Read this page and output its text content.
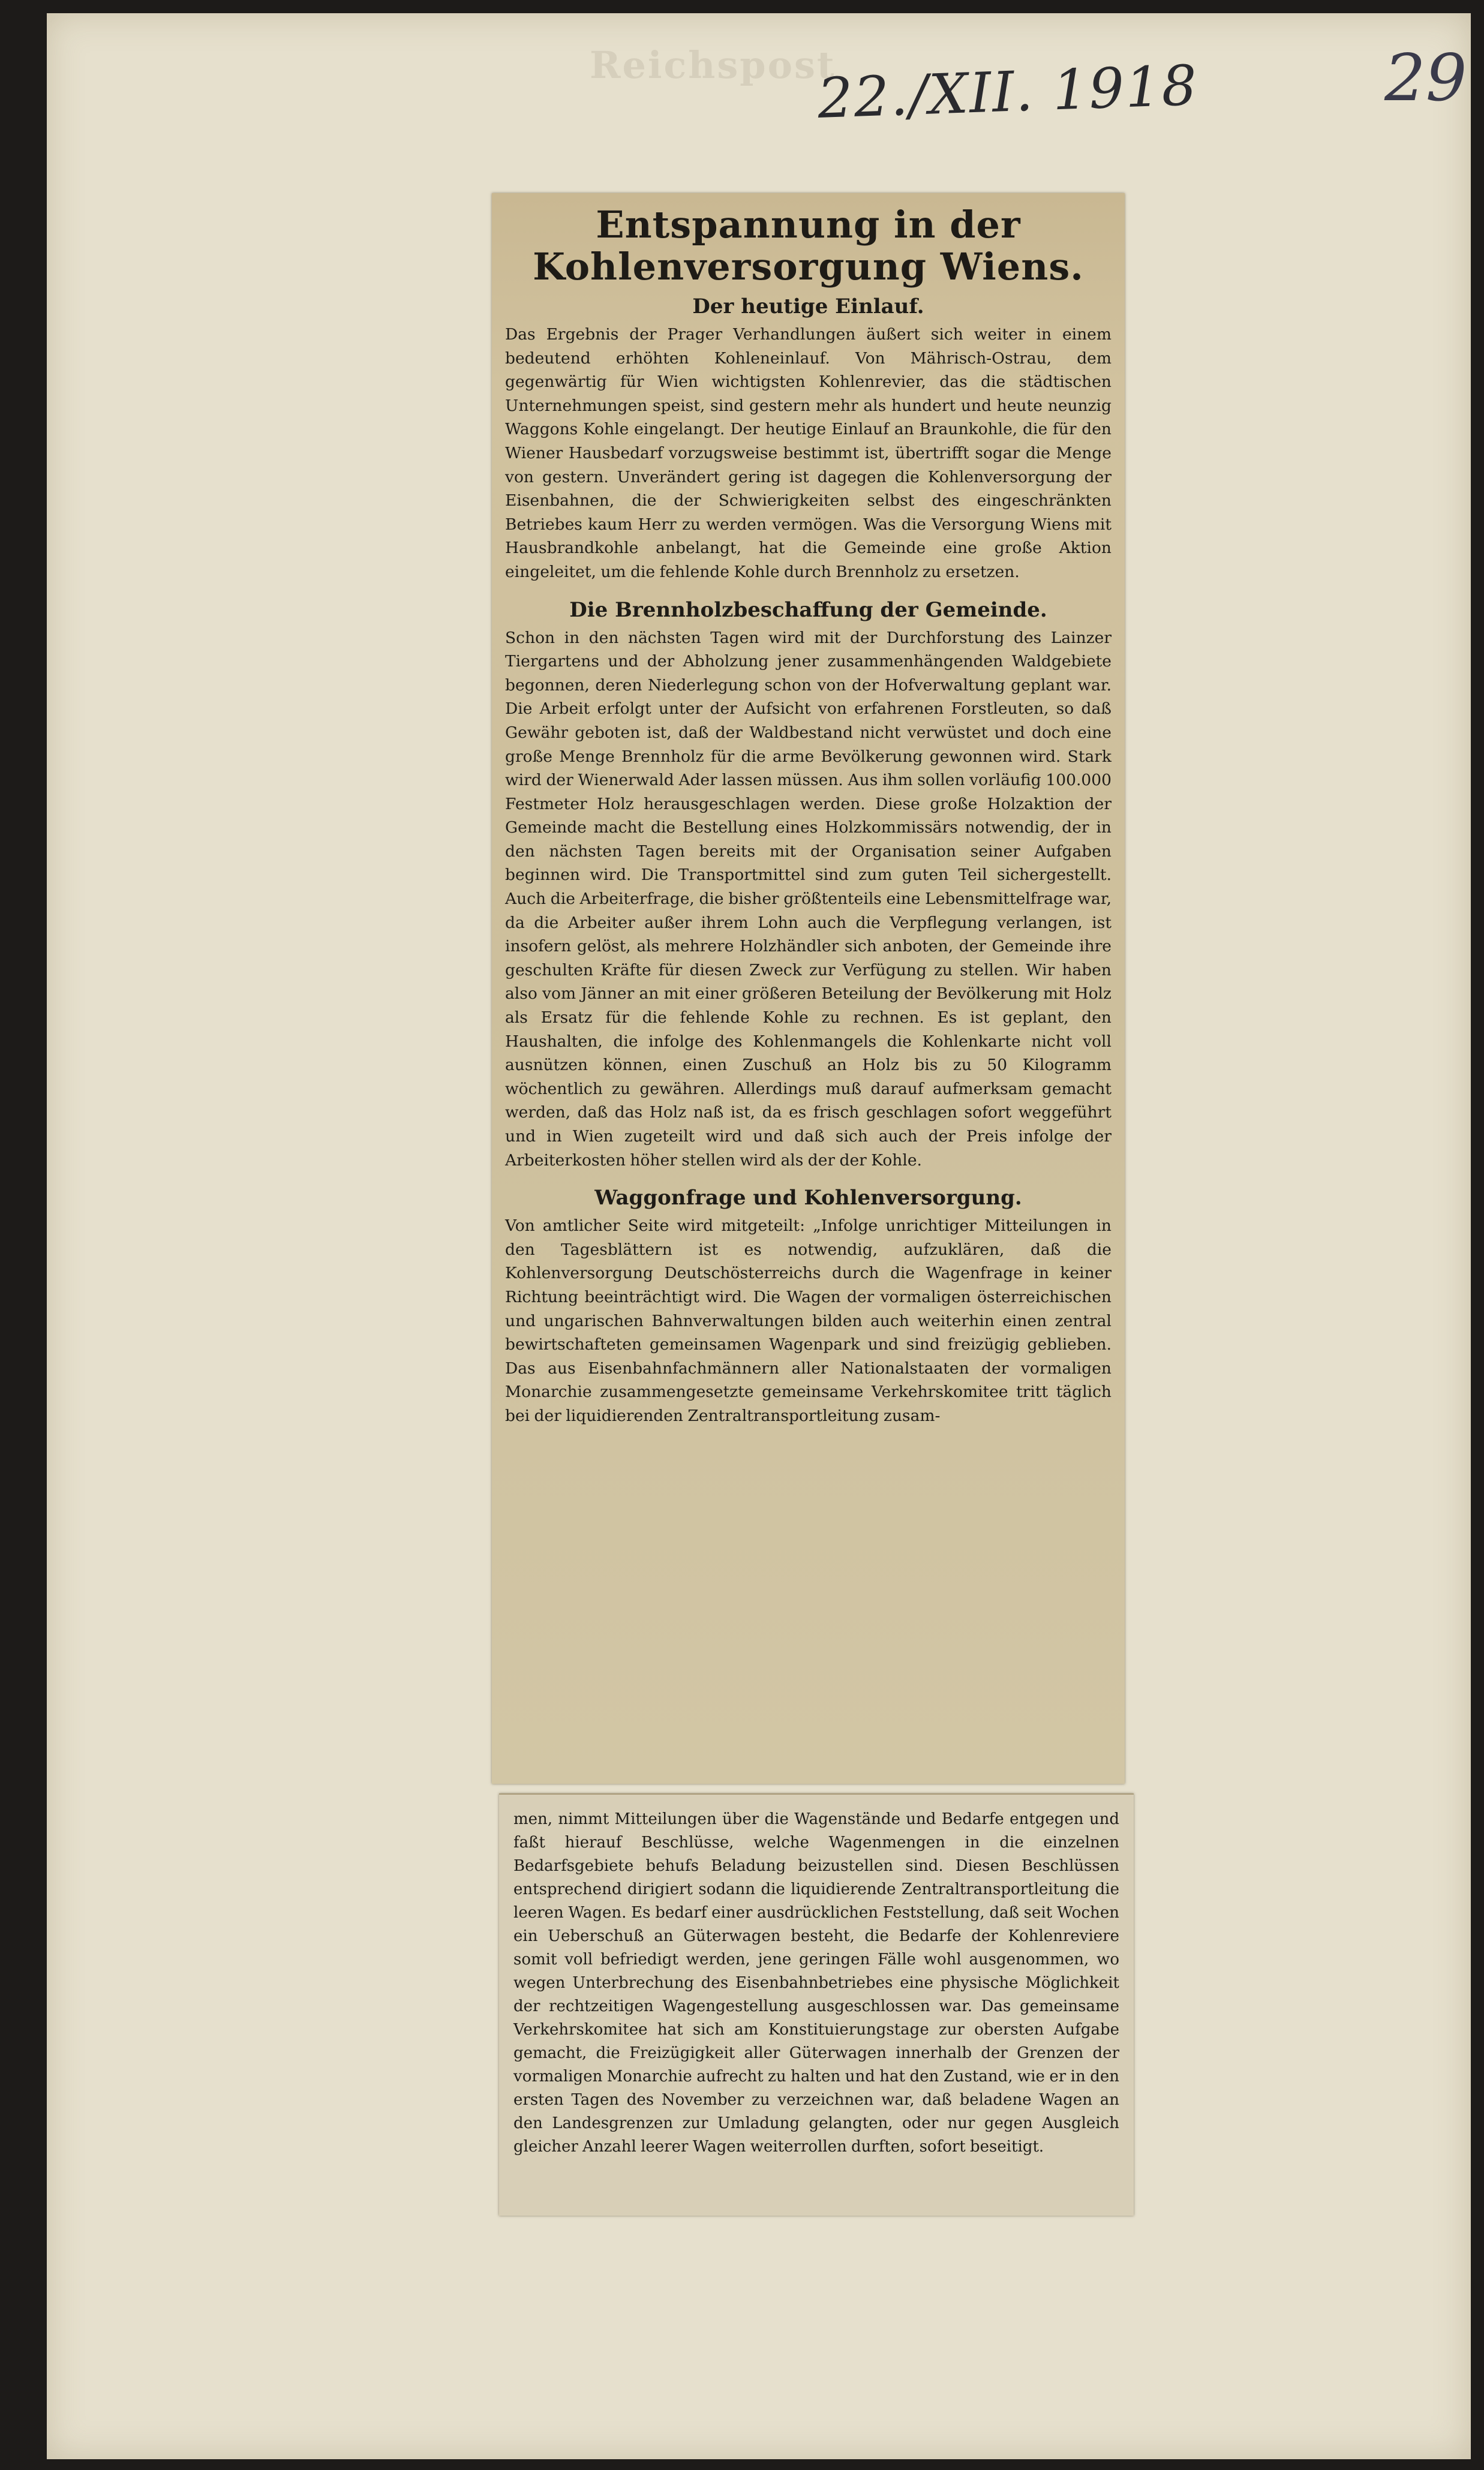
Reichspost
22./XII. 1918	29
Entspannung in der Kohlenversorgung Wiens.
Der heutige Einlauf.
Das Ergebnis der Prager Verhandlungen äußert sich weiter in einem bedeutend erhöhten Kohleneinlauf. Von Mährisch-Ostrau, dem gegenwärtig für Wien wichtigsten Kohlenrevier, das die städtischen Unternehmungen speist, sind gestern mehr als hundert und heute neunzig Waggons Kohle eingelangt. Der heutige Einlauf an Braunkohle, die für den Wiener Hausbedarf vorzugsweise bestimmt ist, übertrifft sogar die Menge von gestern. Unverändert gering ist dagegen die Kohlenversorgung der Eisenbahnen, die der Schwierigkeiten selbst des eingeschränkten Betriebes kaum Herr zu werden vermögen. Was die Versorgung Wiens mit Hausbrandkohle anbelangt, hat die Gemeinde eine große Aktion eingeleitet, um die fehlende Kohle durch Brennholz zu ersetzen.
Die Brennholzbeschaffung der Gemeinde.
Schon in den nächsten Tagen wird mit der Durchforstung des Lainzer Tiergartens und der Abholzung jener zusammenhängenden Waldgebiete begonnen, deren Niederlegung schon von der Hofverwaltung geplant war. Die Arbeit erfolgt unter der Aufsicht von erfahrenen Forstleuten, so daß Gewähr geboten ist, daß der Waldbestand nicht verwüstet und doch eine große Menge Brennholz für die arme Bevölkerung gewonnen wird. Stark wird der Wienerwald Ader lassen müssen. Aus ihm sollen vorläufig 100.000 Festmeter Holz herausgeschlagen werden. Diese große Holzaktion der Gemeinde macht die Bestellung eines Holzkommissärs notwendig, der in den nächsten Tagen bereits mit der Organisation seiner Aufgaben beginnen wird. Die Transportmittel sind zum guten Teil sichergestellt. Auch die Arbeiterfrage, die bisher größtenteils eine Lebensmittelfrage war, da die Arbeiter außer ihrem Lohn auch die Verpflegung verlangen, ist insofern gelöst, als mehrere Holzhändler sich anboten, der Gemeinde ihre geschulten Kräfte für diesen Zweck zur Verfügung zu stellen. Wir haben also vom Jänner an mit einer größeren Beteilung der Bevölkerung mit Holz als Ersatz für die fehlende Kohle zu rechnen. Es ist geplant, den Haushalten, die infolge des Kohlenmangels die Kohlenkarte nicht voll ausnützen können, einen Zuschuß an Holz bis zu 50 Kilogramm wöchentlich zu gewähren. Allerdings muß darauf aufmerksam gemacht werden, daß das Holz naß ist, da es frisch geschlagen sofort weggeführt und in Wien zugeteilt wird und daß sich auch der Preis infolge der Arbeiterkosten höher stellen wird als der der Kohle.
Waggonfrage und Kohlenversorgung.
Von amtlicher Seite wird mitgeteilt: „Infolge unrichtiger Mitteilungen in den Tagesblättern ist es notwendig, aufzuklären, daß die Kohlenversorgung Deutschösterreichs durch die Wagenfrage in keiner Richtung beeinträchtigt wird. Die Wagen der vormaligen österreichischen und ungarischen Bahnverwaltungen bilden auch weiterhin einen zentral bewirtschafteten gemeinsamen Wagenpark und sind freizügig geblieben. Das aus Eisenbahnfachmännern aller Nationalstaaten der vormaligen Monarchie zusammengesetzte gemeinsame Verkehrskomitee tritt täglich bei der liquidierenden Zentraltransportleitung zusam-
men, nimmt Mitteilungen über die Wagenstände und Bedarfe entgegen und faßt hierauf Beschlüsse, welche Wagenmengen in die einzelnen Bedarfsgebiete behufs Beladung beizustellen sind. Diesen Beschlüssen entsprechend dirigiert sodann die liquidierende Zentraltransportleitung die leeren Wagen. Es bedarf einer ausdrücklichen Feststellung, daß seit Wochen ein Ueberschuß an Güterwagen besteht, die Bedarfe der Kohlenreviere somit voll befriedigt werden, jene geringen Fälle wohl ausgenommen, wo wegen Unterbrechung des Eisenbahnbetriebes eine physische Möglichkeit der rechtzeitigen Wagengestellung ausgeschlossen war. Das gemeinsame Verkehrskomitee hat sich am Konstituierungstage zur obersten Aufgabe gemacht, die Freizügigkeit aller Güterwagen innerhalb der Grenzen der vormaligen Monarchie aufrecht zu halten und hat den Zustand, wie er in den ersten Tagen des November zu verzeichnen war, daß beladene Wagen an den Landesgrenzen zur Umladung gelangten, oder nur gegen Ausgleich gleicher Anzahl leerer Wagen weiterrollen durften, sofort beseitigt.
